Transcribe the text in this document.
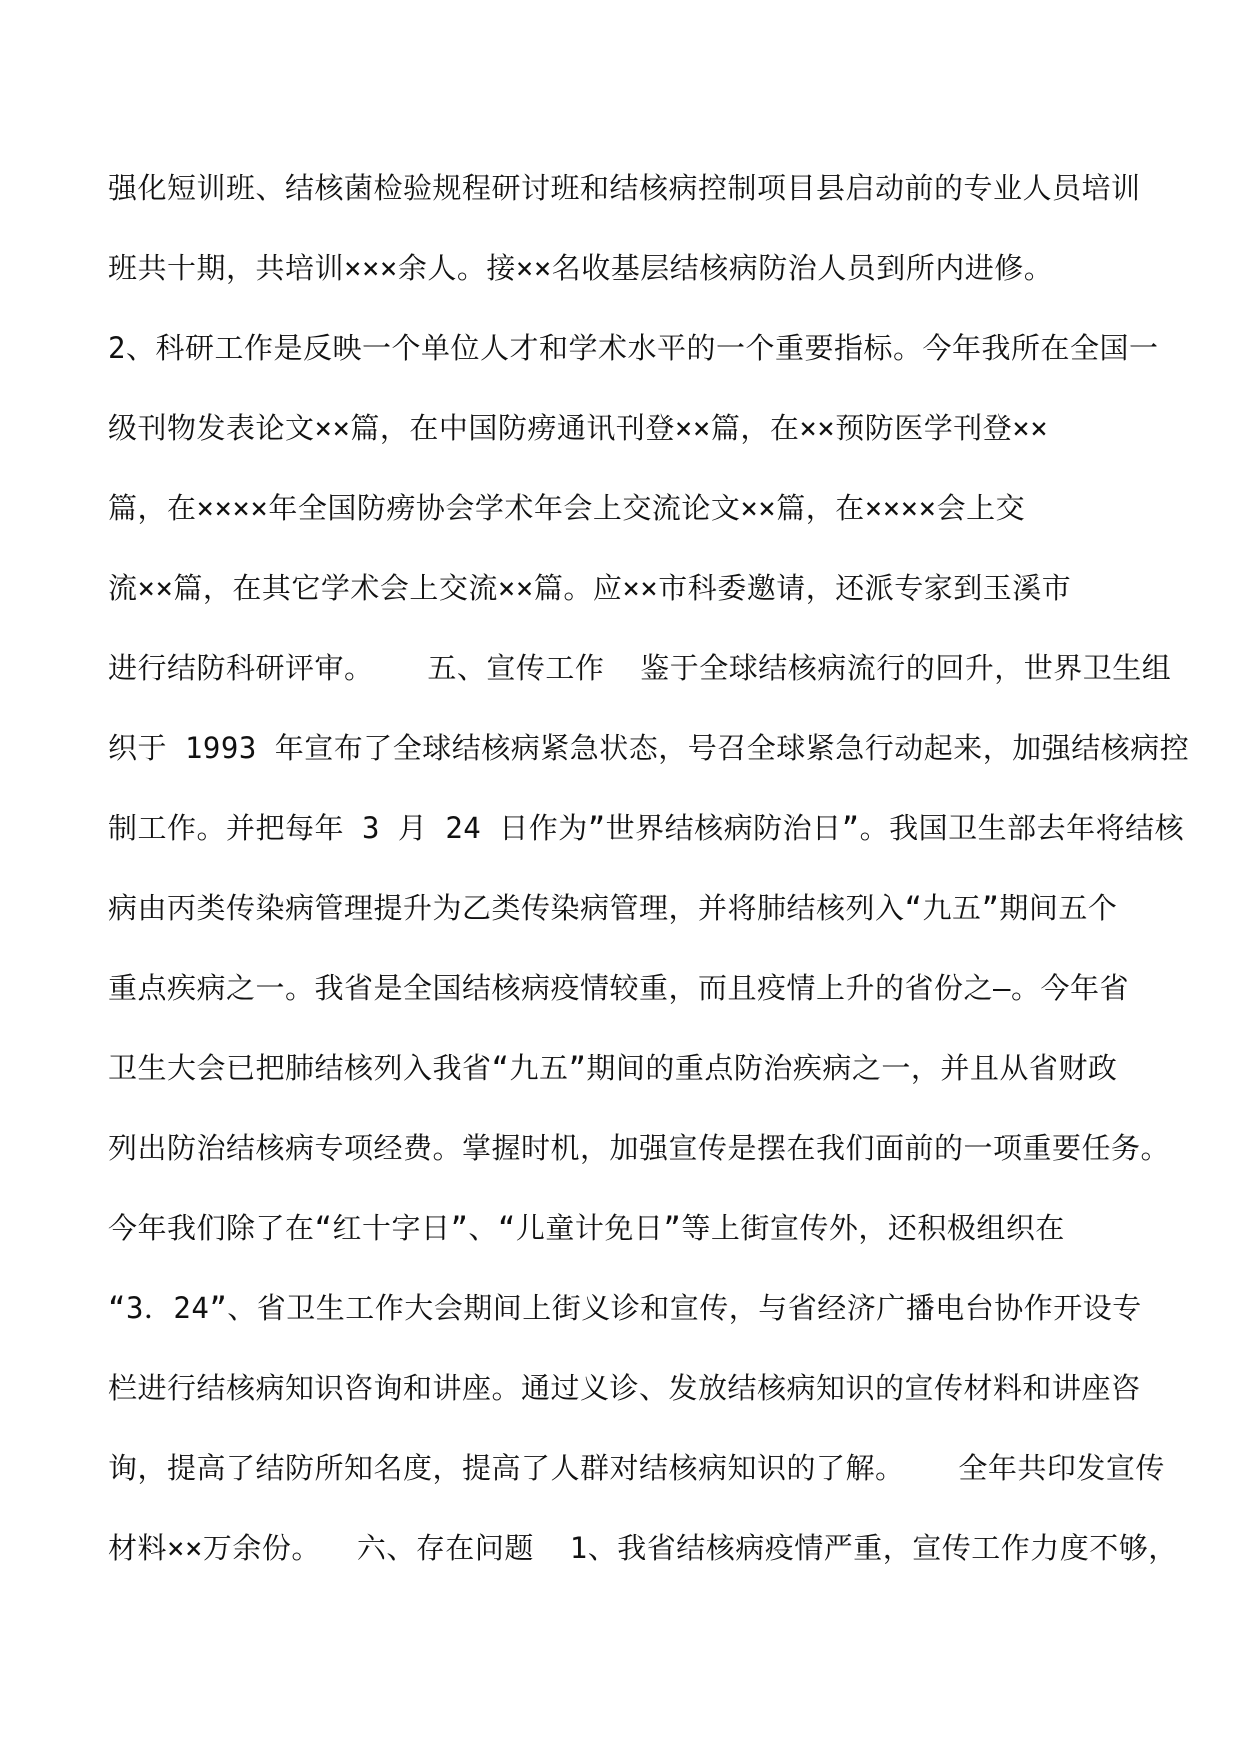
强化短训班、结核菌检验规程研讨班和结核病控制项目县启动前的专业人员培训
班共十期，共培训×××余人。接××名收基层结核病防治人员到所内进修。
2、科研工作是反映一个单位人才和学术水平的一个重要指标。今年我所在全国一
级刊物发表论文××篇，在中国防痨通讯刊登××篇，在××预防医学刊登××
篇，在××××年全国防痨协会学术年会上交流论文××篇，在××××会上交
流××篇，在其它学术会上交流××篇。应××市科委邀请，还派专家到玉溪市
进行结防科研评审。   五、宣传工作  鉴于全球结核病流行的回升，世界卫生组
织于 1993 年宣布了全球结核病紧急状态，号召全球紧急行动起来，加强结核病控
制工作。并把每年 3 月 24 日作为”世界结核病防治日”。我国卫生部去年将结核
病由丙类传染病管理提升为乙类传染病管理，并将肺结核列入“九五”期间五个
重点疾病之一。我省是全国结核病疫情较重，而且疫情上升的省份之—。今年省
卫生大会已把肺结核列入我省“九五”期间的重点防治疾病之一，并且从省财政
列出防治结核病专项经费。掌握时机，加强宣传是摆在我们面前的一项重要任务。
今年我们除了在“红十字日”、“儿童计免日”等上街宣传外，还积极组织在
“3．24”、省卫生工作大会期间上街义诊和宣传，与省经济广播电台协作开设专
栏进行结核病知识咨询和讲座。通过义诊、发放结核病知识的宣传材料和讲座咨
询，提高了结防所知名度，提高了人群对结核病知识的了解。   全年共印发宣传
材料××万余份。  六、存在问题  1、我省结核病疫情严重，宣传工作力度不够，
